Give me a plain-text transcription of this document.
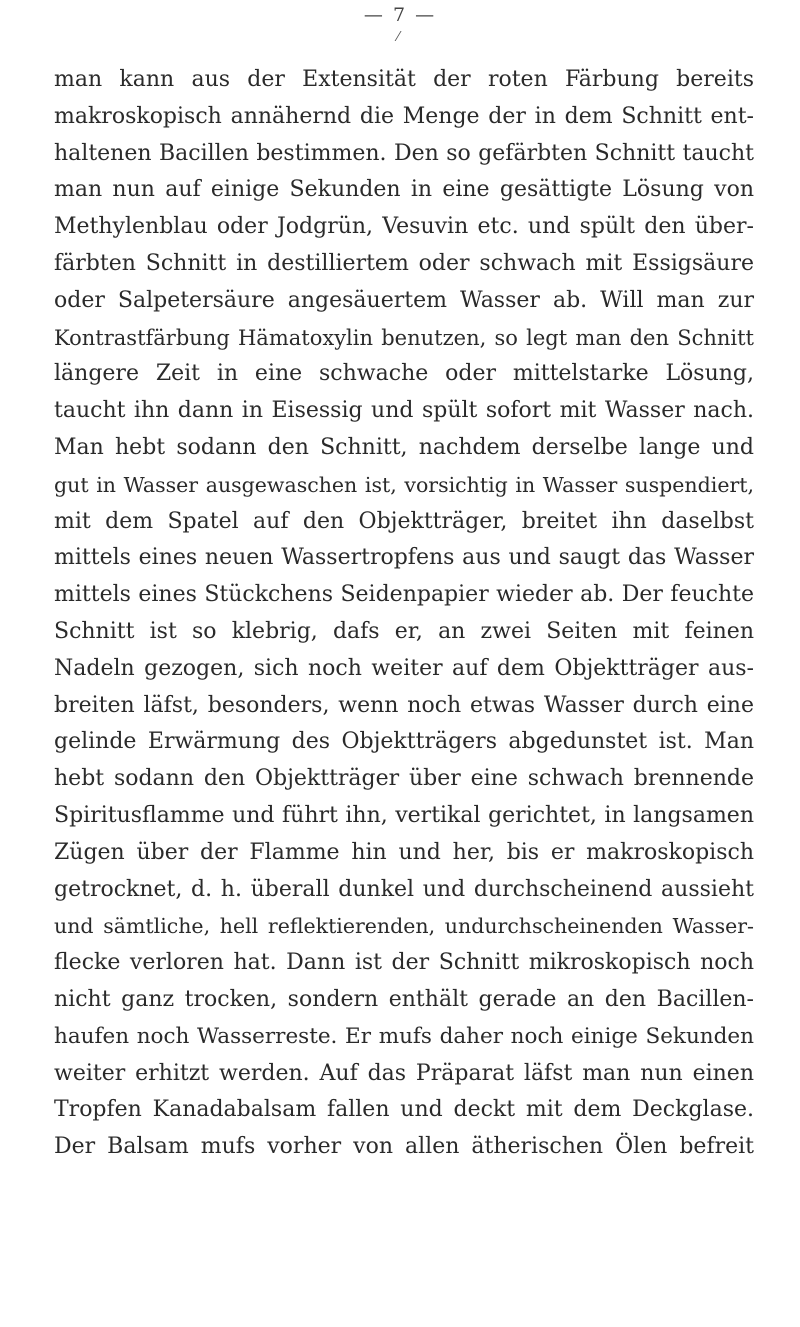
— 7 —
⁄
man kann aus der Extensität der roten Färbung bereits
makroskopisch annähernd die Menge der in dem Schnitt ent-
haltenen Bacillen bestimmen. Den so gefärbten Schnitt taucht
man nun auf einige Sekunden in eine gesättigte Lösung von
Methylenblau oder Jodgrün, Vesuvin etc. und spült den über-
färbten Schnitt in destilliertem oder schwach mit Essigsäure
oder Salpetersäure angesäuertem Wasser ab. Will man zur
Kontrastfärbung Hämatoxylin benutzen, so legt man den Schnitt
längere Zeit in eine schwache oder mittelstarke Lösung,
taucht ihn dann in Eisessig und spült sofort mit Wasser nach.
Man hebt sodann den Schnitt, nachdem derselbe lange und
gut in Wasser ausgewaschen ist, vorsichtig in Wasser suspendiert,
mit dem Spatel auf den Objektträger, breitet ihn daselbst
mittels eines neuen Wassertropfens aus und saugt das Wasser
mittels eines Stückchens Seidenpapier wieder ab. Der feuchte
Schnitt ist so klebrig, dafs er, an zwei Seiten mit feinen
Nadeln gezogen, sich noch weiter auf dem Objektträger aus-
breiten läfst, besonders, wenn noch etwas Wasser durch eine
gelinde Erwärmung des Objektträgers abgedunstet ist. Man
hebt sodann den Objektträger über eine schwach brennende
Spiritusflamme und führt ihn, vertikal gerichtet, in langsamen
Zügen über der Flamme hin und her, bis er makroskopisch
getrocknet, d. h. überall dunkel und durchscheinend aussieht
und sämtliche, hell reflektierenden, undurchscheinenden Wasser-
flecke verloren hat. Dann ist der Schnitt mikroskopisch noch
nicht ganz trocken, sondern enthält gerade an den Bacillen-
haufen noch Wasserreste. Er mufs daher noch einige Sekunden
weiter erhitzt werden. Auf das Präparat läfst man nun einen
Tropfen Kanadabalsam fallen und deckt mit dem Deckglase.
Der Balsam mufs vorher von allen ätherischen Ölen befreit
